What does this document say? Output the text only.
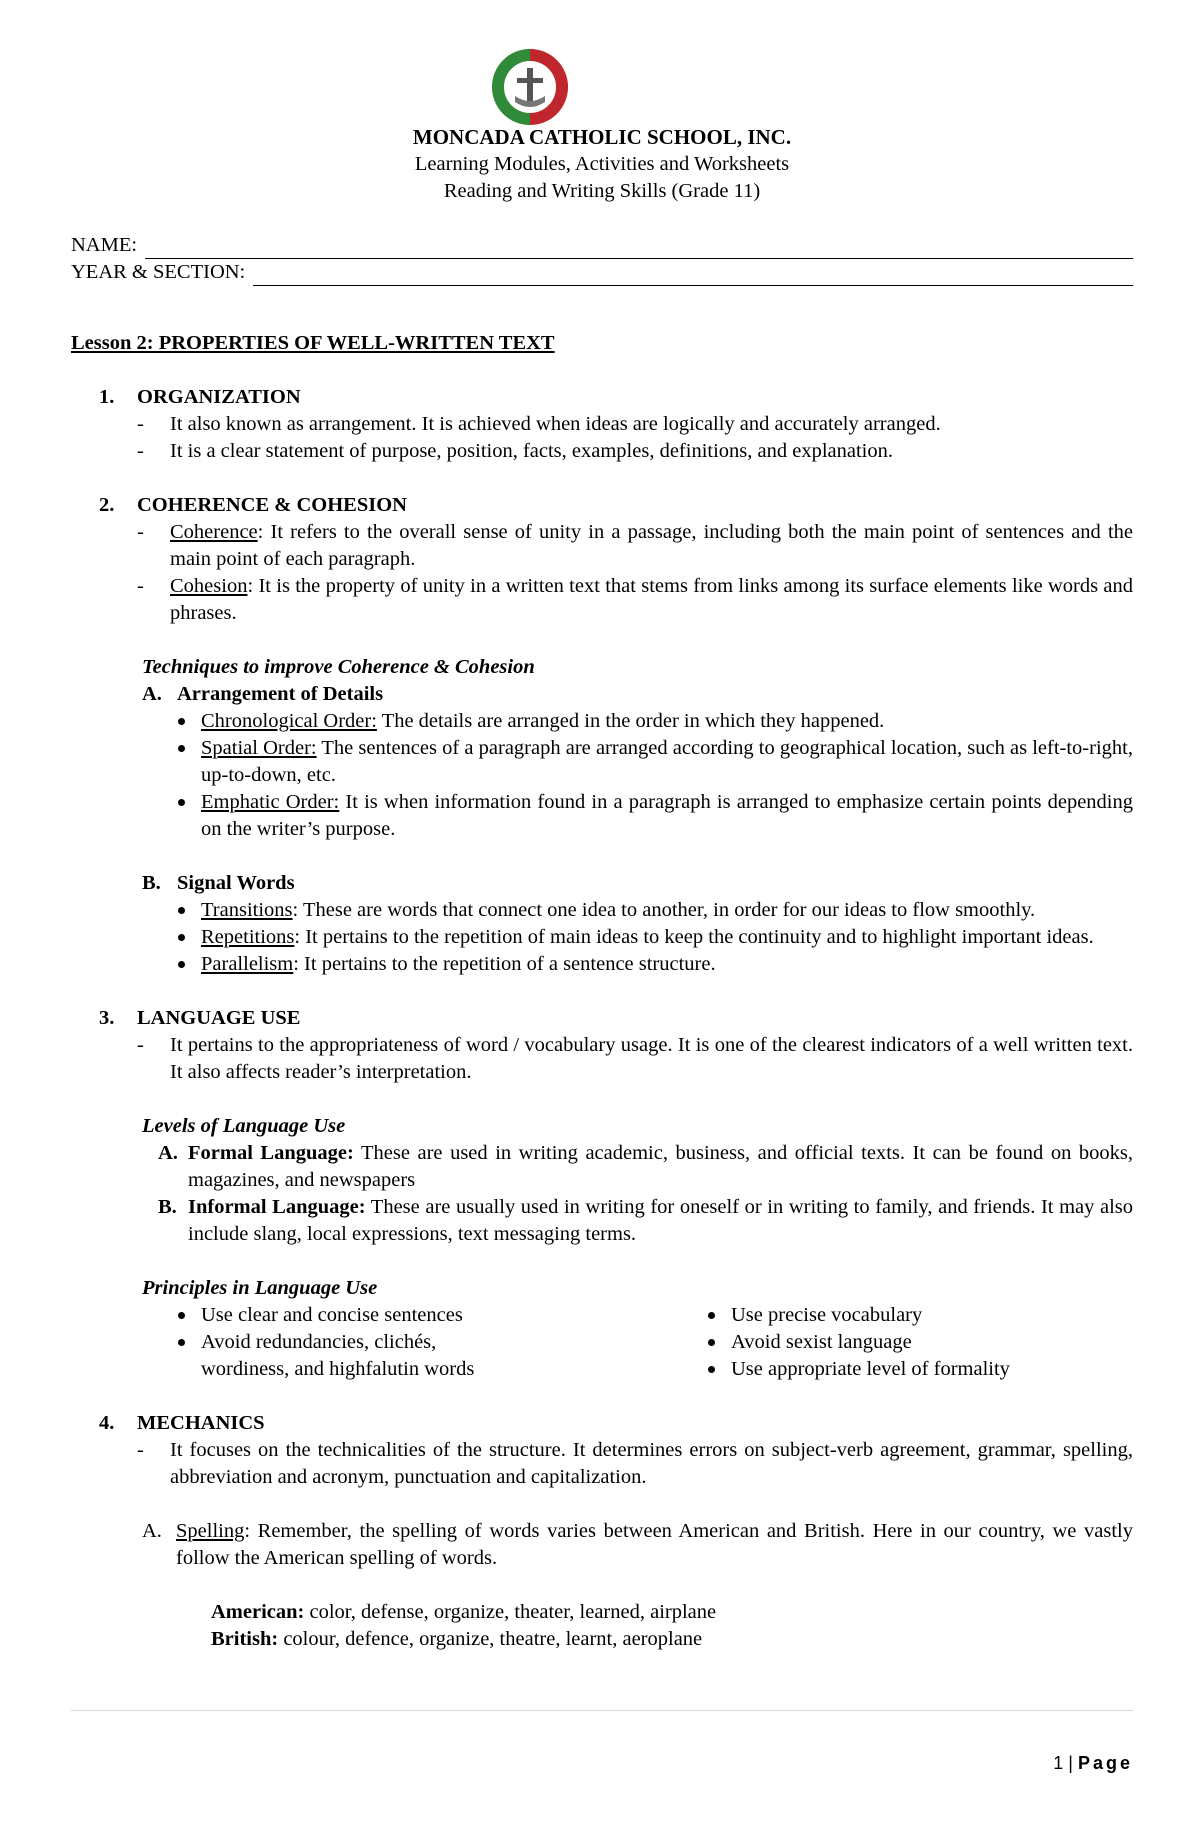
MONCADA CATHOLIC SCHOOL, INC.
Learning Modules, Activities and Worksheets
Reading and Writing Skills (Grade 11)
NAME:
YEAR & SECTION:
Lesson 2: PROPERTIES OF WELL-WRITTEN TEXT
1.	ORGANIZATION
-	It also known as arrangement. It is achieved when ideas are logically and accurately arranged.
-	It is a clear statement of purpose, position, facts, examples, definitions, and explanation.
2.	COHERENCE & COHESION
-	Coherence: It refers to the overall sense of unity in a passage, including both the main point of sentences and the main point of each paragraph.
-	Cohesion: It is the property of unity in a written text that stems from links among its surface elements like words and phrases.
Techniques to improve Coherence & Cohesion
A. Arrangement of Details
Chronological Order: The details are arranged in the order in which they happened.
Spatial Order: The sentences of a paragraph are arranged according to geographical location, such as left-to-right, up-to-down, etc.
Emphatic Order: It is when information found in a paragraph is arranged to emphasize certain points depending on the writer’s purpose.
B. Signal Words
Transitions: These are words that connect one idea to another, in order for our ideas to flow smoothly.
Repetitions: It pertains to the repetition of main ideas to keep the continuity and to highlight important ideas.
Parallelism: It pertains to the repetition of a sentence structure.
3.	LANGUAGE USE
-	It pertains to the appropriateness of word / vocabulary usage. It is one of the clearest indicators of a well written text. It also affects reader’s interpretation.
Levels of Language Use
A. Formal Language: These are used in writing academic, business, and official texts. It can be found on books, magazines, and newspapers
B. Informal Language: These are usually used in writing for oneself or in writing to family, and friends. It may also include slang, local expressions, text messaging terms.
Principles in Language Use
Use clear and concise sentences
Avoid redundancies, clichés, wordiness, and highfalutin words
Use precise vocabulary
Avoid sexist language
Use appropriate level of formality
4.	MECHANICS
-	It focuses on the technicalities of the structure. It determines errors on subject-verb agreement, grammar, spelling, abbreviation and acronym, punctuation and capitalization.
A. Spelling: Remember, the spelling of words varies between American and British. Here in our country, we vastly follow the American spelling of words.
American: color, defense, organize, theater, learned, airplane
British: colour, defence, organize, theatre, learnt, aeroplane
1 | Page
